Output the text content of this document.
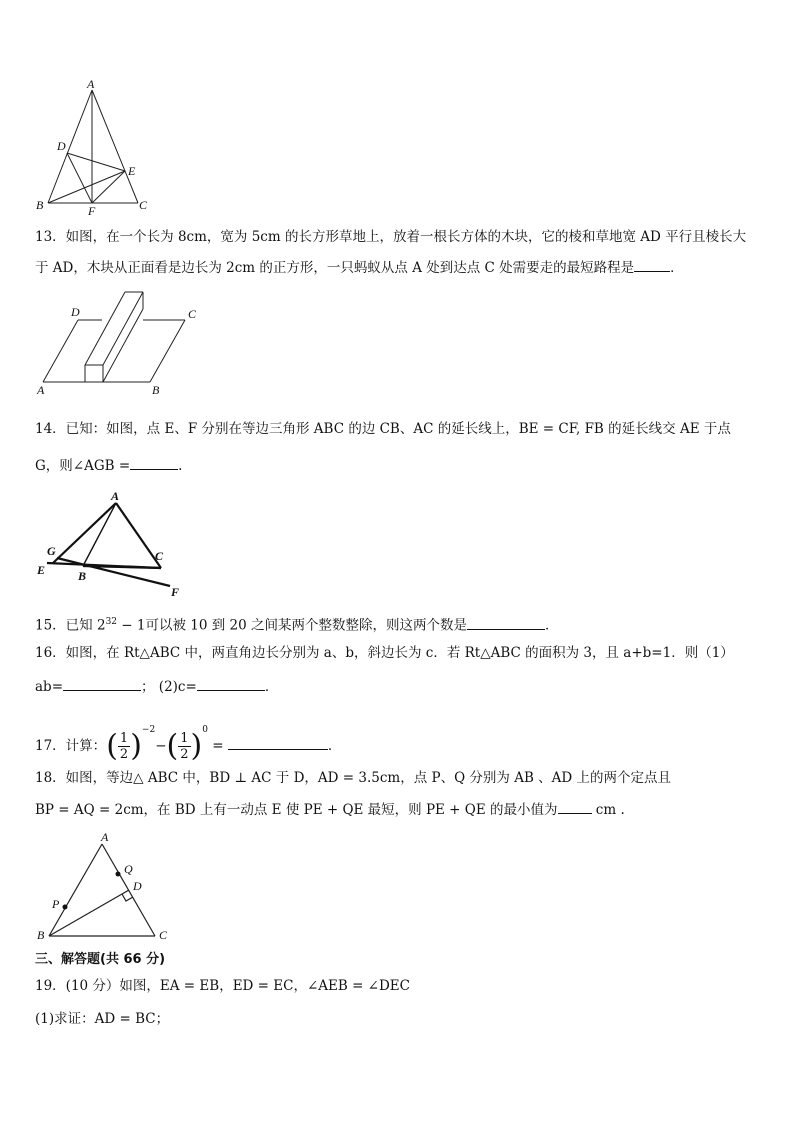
A
B	C
D
E
F
13．如图，在一个长为 8cm，宽为 5cm 的长方形草地上，放着一根长方体的木块，它的棱和草地宽 AD 平行且棱长大
于 AD，木块从正面看是边长为 2cm 的正方形，一只蚂蚁从点 A 处到达点 C 处需要走的最短路程是	．
D	C
A	B
14．已知：如图，点 E、F 分别在等边三角形 ABC 的边 CB、AC 的延长线上，BE = CF, FB 的延长线交 AE 于点
G，则∠AGB =	.
A
G
E	B
C
F
15．已知 $2^{32} - 1$可以被 10 到 20 之间某两个整数整除，则这两个数是	．
16．如图，在 Rt△ABC 中，两直角边长分别为 a、b，斜边长为 c．若 Rt△ABC 的面积为 3，且 a+b=1．则（1）
ab=	； (2)c=	．
17．计算：( $\frac{1}{2} )^{-2}-( \frac{1}{2} )^0$ =	．
18．如图，等边△ ABC 中，BD ⊥ AC 于 D，AD = 3.5cm，点 P、Q 分别为 AB 、AD 上的两个定点且
BP = AQ = 2cm，在 BD 上有一动点 E 使 PE + QE 最短，则 PE + QE 的最小值为	cm .
A
Q
D
P
B	C
三、解答题(共 66 分)
19．(10 分）如图，EA = EB，ED = EC，∠AEB = ∠DEC
(1)求证：AD = BC；
